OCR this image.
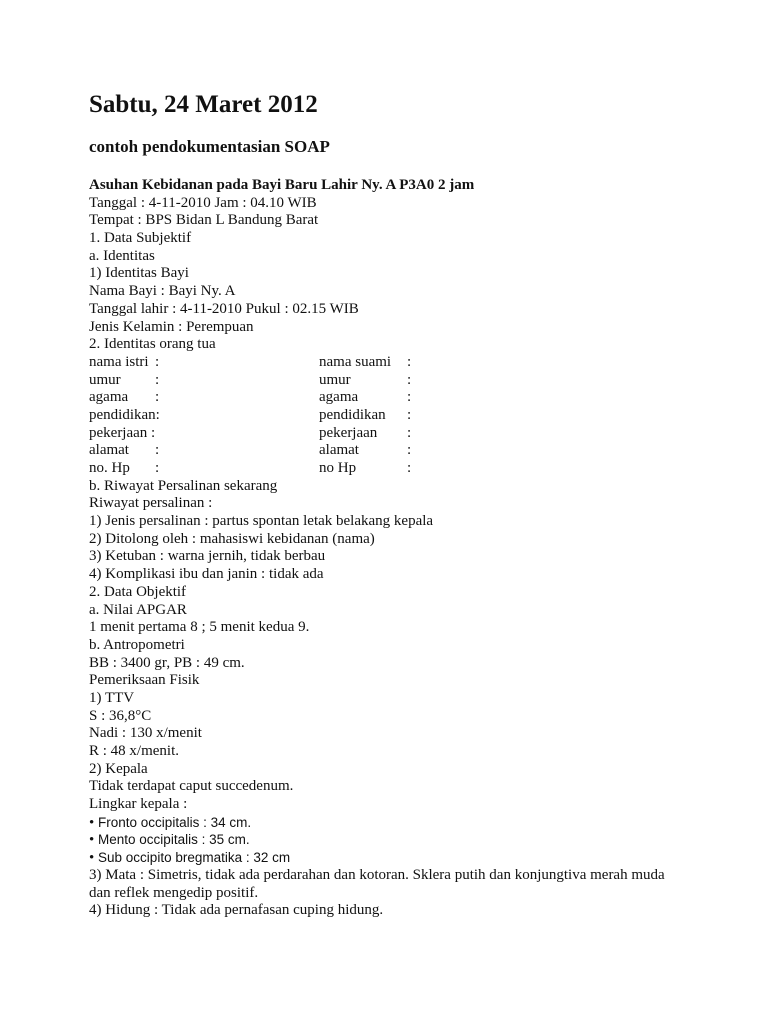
Sabtu, 24 Maret 2012
contoh pendokumentasian SOAP
Asuhan Kebidanan pada Bayi Baru Lahir Ny. A P3A0 2 jam
Tanggal : 4-11-2010 Jam : 04.10 WIB
Tempat : BPS Bidan L Bandung Barat
1. Data Subjektif
a. Identitas
1) Identitas Bayi
Nama Bayi : Bayi Ny. A
Tanggal lahir : 4-11-2010 Pukul : 02.15 WIB
Jenis Kelamin : Perempuan
2. Identitas orang tua
nama istri :	nama suami	:
umur	:	umur	:
agama	:	agama	:
pendidikan:	pendidikan	:
pekerjaan :	pekerjaan	:
alamat	:	alamat	:
no. Hp	:	no Hp	:
b. Riwayat Persalinan sekarang
Riwayat persalinan :
1) Jenis persalinan : partus spontan letak belakang kepala
2) Ditolong oleh : mahasiswi kebidanan (nama)
3) Ketuban : warna jernih, tidak berbau
4) Komplikasi ibu dan janin : tidak ada
2. Data Objektif
a. Nilai APGAR
1 menit pertama 8 ; 5 menit kedua 9.
b. Antropometri
BB : 3400 gr, PB : 49 cm.
Pemeriksaan Fisik
1) TTV
S : 36,8°C
Nadi : 130 x/menit
R : 48 x/menit.
2) Kepala
Tidak terdapat caput succedenum.
Lingkar kepala :
• Fronto occipitalis : 34 cm.
• Mento occipitalis : 35 cm.
• Sub occipito bregmatika : 32 cm
3) Mata : Simetris, tidak ada perdarahan dan kotoran. Sklera putih dan konjungtiva merah muda dan reflek mengedip positif.
4) Hidung : Tidak ada pernafasan cuping hidung.
